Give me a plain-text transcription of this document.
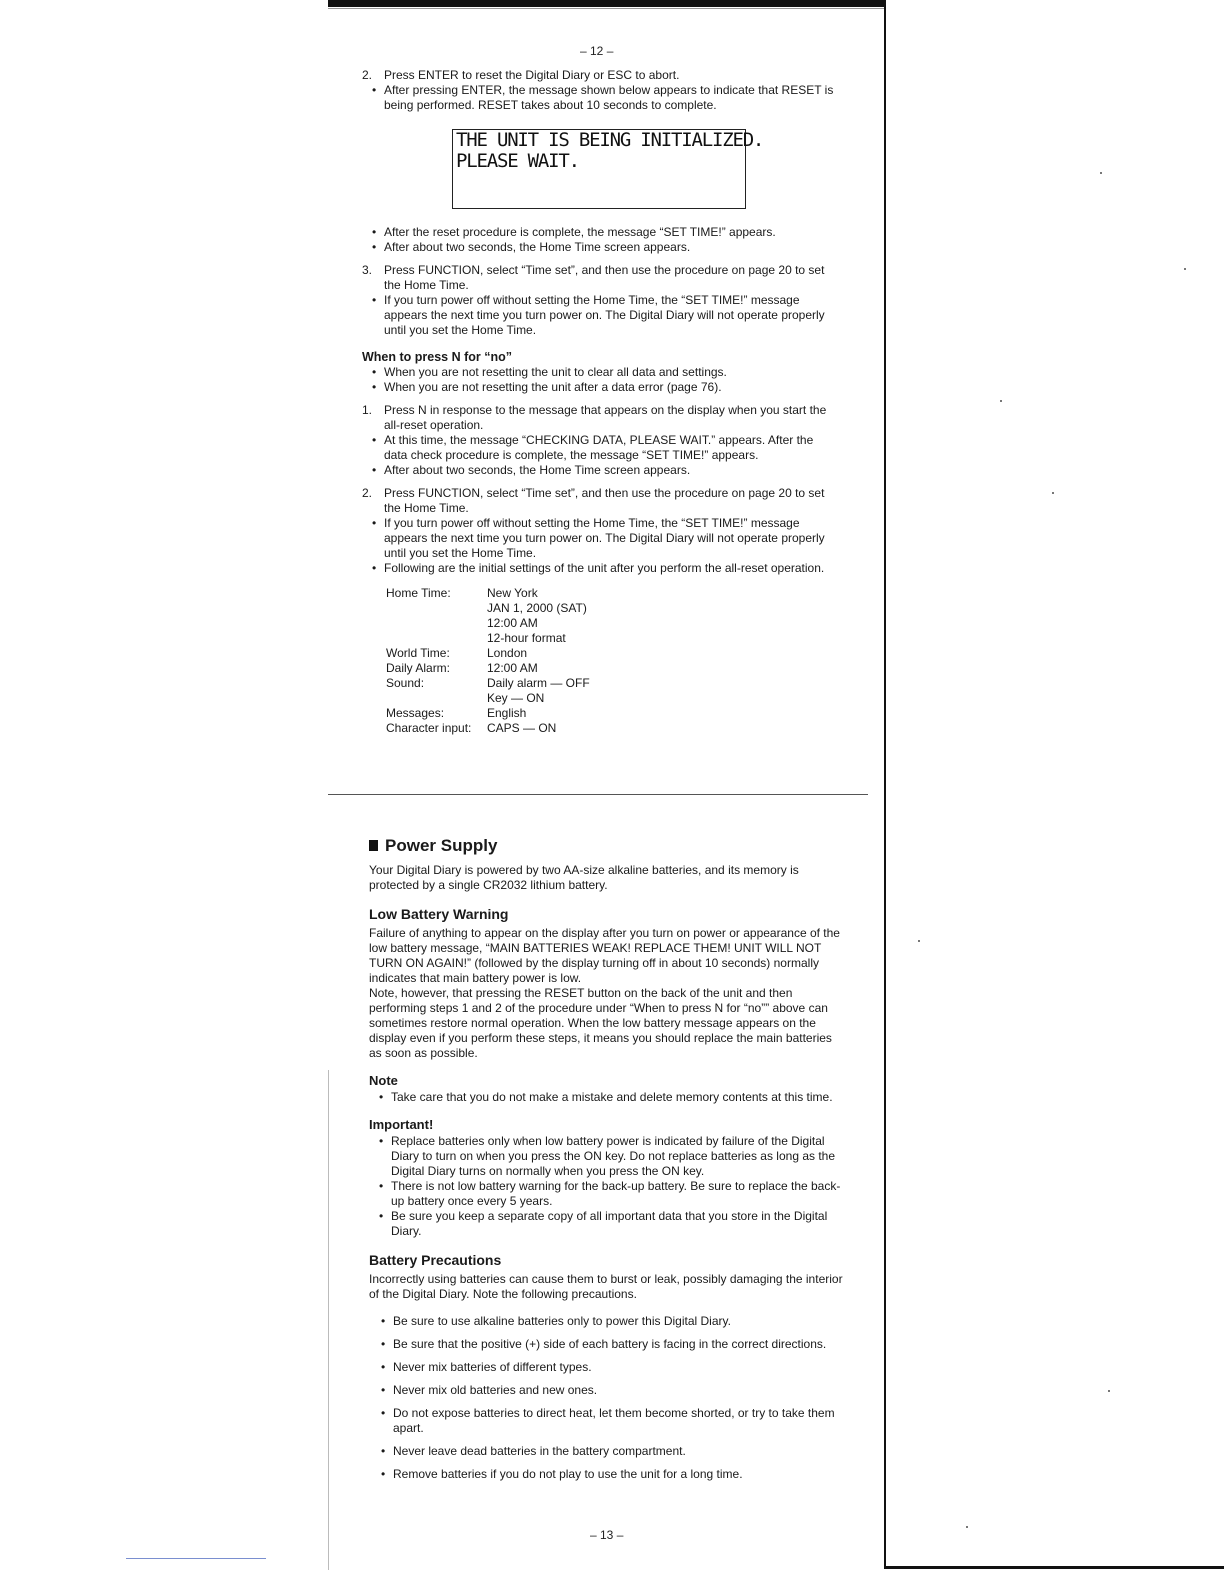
– 12 –
2. Press ENTER to reset the Digital Diary or ESC to abort.
• After pressing ENTER, the message shown below appears to indicate that RESET is being performed. RESET takes about 10 seconds to complete.
THE UNIT IS BEING INITIALIZED.
PLEASE WAIT.
• After the reset procedure is complete, the message “SET TIME!” appears.
• After about two seconds, the Home Time screen appears.
3. Press FUNCTION, select “Time set”, and then use the procedure on page 20 to set the Home Time.
• If you turn power off without setting the Home Time, the “SET TIME!” message appears the next time you turn power on. The Digital Diary will not operate properly until you set the Home Time.
When to press N for “no”
• When you are not resetting the unit to clear all data and settings.
• When you are not resetting the unit after a data error (page 76).
1. Press N in response to the message that appears on the display when you start the all-reset operation.
• At this time, the message “CHECKING DATA, PLEASE WAIT.” appears. After the data check procedure is complete, the message “SET TIME!” appears.
• After about two seconds, the Home Time screen appears.
2. Press FUNCTION, select “Time set”, and then use the procedure on page 20 to set the Home Time.
• If you turn power off without setting the Home Time, the “SET TIME!” message appears the next time you turn power on. The Digital Diary will not operate properly until you set the Home Time.
• Following are the initial settings of the unit after you perform the all-reset operation.
Home Time:	New York
	JAN 1, 2000 (SAT)
	12:00 AM
	12-hour format
World Time:	London
Daily Alarm:	12:00 AM
Sound:	Daily alarm — OFF
	Key — ON
Messages:	English
Character input:	CAPS — ON
Power Supply
Your Digital Diary is powered by two AA-size alkaline batteries, and its memory is protected by a single CR2032 lithium battery.
Low Battery Warning
Failure of anything to appear on the display after you turn on power or appearance of the low battery message, “MAIN BATTERIES WEAK! REPLACE THEM! UNIT WILL NOT TURN ON AGAIN!” (followed by the display turning off in about 10 seconds) normally indicates that main battery power is low.
Note, however, that pressing the RESET button on the back of the unit and then performing steps 1 and 2 of the procedure under “When to press N for “no”” above can sometimes restore normal operation. When the low battery message appears on the display even if you perform these steps, it means you should replace the main batteries as soon as possible.
Note
• Take care that you do not make a mistake and delete memory contents at this time.
Important!
• Replace batteries only when low battery power is indicated by failure of the Digital Diary to turn on when you press the ON key. Do not replace batteries as long as the Digital Diary turns on normally when you press the ON key.
• There is not low battery warning for the back-up battery. Be sure to replace the back-up battery once every 5 years.
• Be sure you keep a separate copy of all important data that you store in the Digital Diary.
Battery Precautions
Incorrectly using batteries can cause them to burst or leak, possibly damaging the interior of the Digital Diary. Note the following precautions.
• Be sure to use alkaline batteries only to power this Digital Diary.
• Be sure that the positive (+) side of each battery is facing in the correct directions.
• Never mix batteries of different types.
• Never mix old batteries and new ones.
• Do not expose batteries to direct heat, let them become shorted, or try to take them apart.
• Never leave dead batteries in the battery compartment.
• Remove batteries if you do not play to use the unit for a long time.
– 13 –
